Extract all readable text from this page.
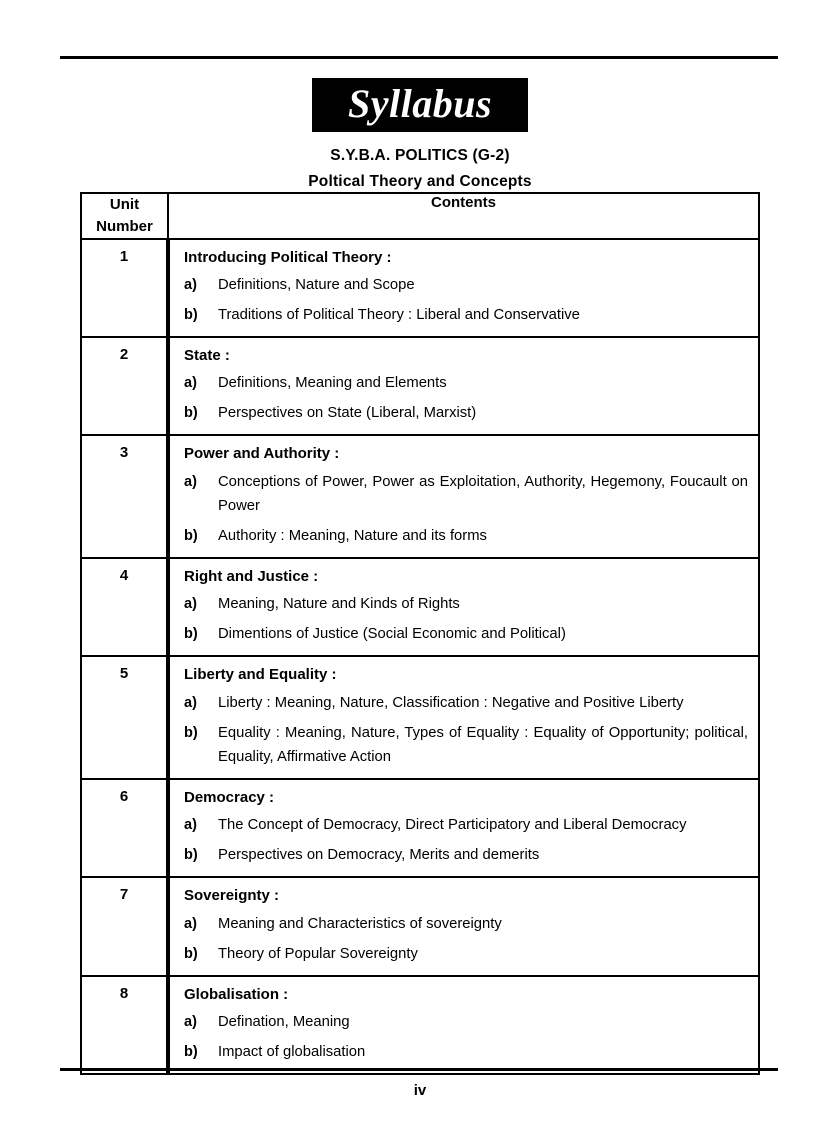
Syllabus
S.Y.B.A. POLITICS (G-2)
Poltical Theory and Concepts
Unit
Number	Contents
1	Introducing Political Theory :
a) Definitions, Nature and Scope
b) Traditions of Political Theory : Liberal and Conservative

2	State :
a) Definitions, Meaning and Elements
b) Perspectives on State (Liberal, Marxist)

3	Power and Authority :
a) Conceptions of Power, Power as Exploitation, Authority, Hegemony, Foucault on Power
b) Authority : Meaning, Nature and its forms

4	Right and Justice :
a) Meaning, Nature and Kinds of Rights
b) Dimentions of Justice (Social Economic and Political)

5	Liberty and Equality :
a) Liberty : Meaning, Nature, Classification : Negative and Positive Liberty
b) Equality : Meaning, Nature, Types of Equality : Equality of Opportunity; political, Equality, Affirmative Action

6	Democracy :
a) The Concept of Democracy, Direct Participatory and Liberal Democracy
b) Perspectives on Democracy, Merits and demerits

7	Sovereignty :
a) Meaning and Characteristics of sovereignty
b) Theory of Popular Sovereignty

8	Globalisation :
a) Defination, Meaning
b) Impact of globalisation
iv
